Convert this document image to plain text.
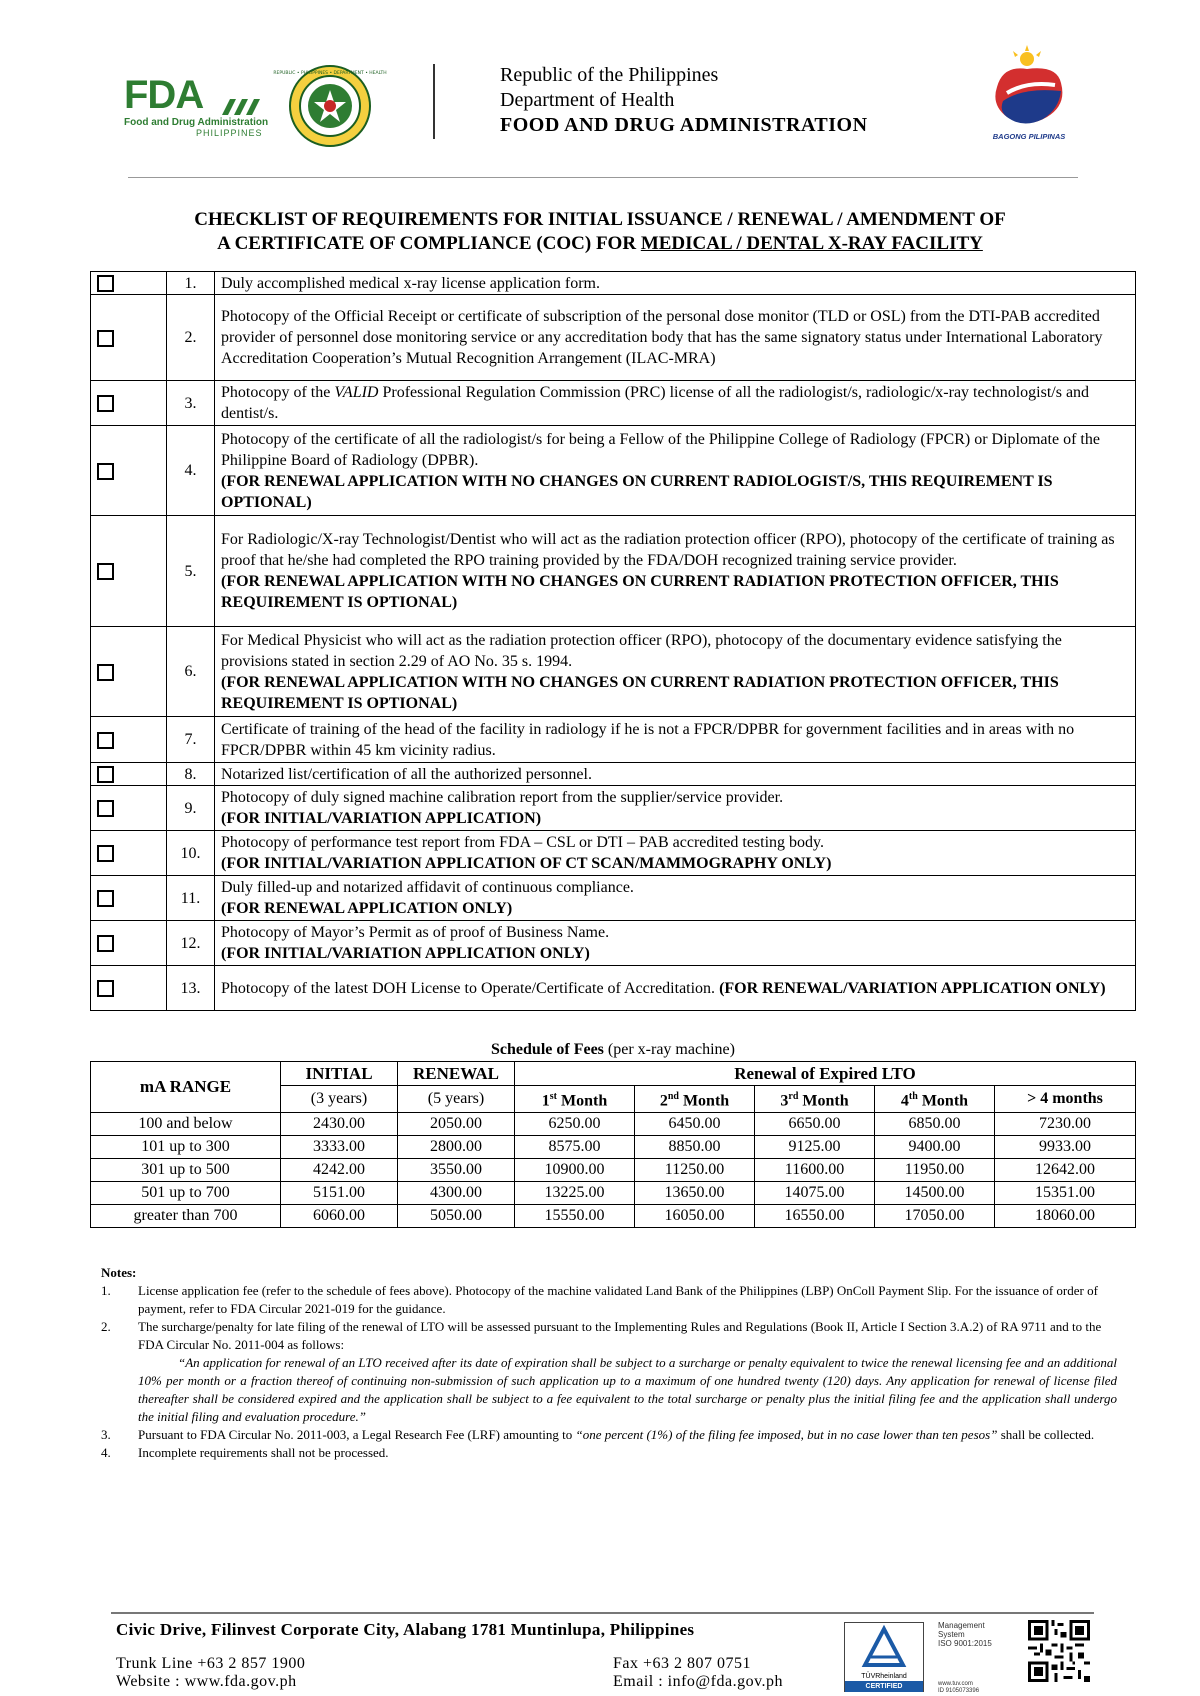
FDA
Food and Drug Administration
PHILIPPINES
REPUBLIC • PHILIPPINES • DEPARTMENT • HEALTH	Republic of the Philippines
Department of Health
FOOD AND DRUG ADMINISTRATION
BAGONG PILIPINAS
CHECKLIST OF REQUIREMENTS FOR INITIAL ISSUANCE / RENEWAL / AMENDMENT OF
A CERTIFICATE OF COMPLIANCE (COC) FOR MEDICAL / DENTAL X-RAY FACILITY
	1.	Duly accomplished medical x-ray license application form.
	2.	Photocopy of the Official Receipt or certificate of subscription of the personal dose monitor (TLD or OSL) from the DTI-PAB accredited provider of personnel dose monitoring service or any accreditation body that has the same signatory status under International Laboratory Accreditation Cooperation’s Mutual Recognition Arrangement (ILAC-MRA)
	3.	Photocopy of the VALID Professional Regulation Commission (PRC) license of all the radiologist/s, radiologic/x-ray technologist/s and dentist/s.
	4.	Photocopy of the certificate of all the radiologist/s for being a Fellow of the Philippine College of Radiology (FPCR) or Diplomate of the Philippine Board of Radiology (DPBR).
(FOR RENEWAL APPLICATION WITH NO CHANGES ON CURRENT RADIOLOGIST/S, THIS REQUIREMENT IS OPTIONAL)

	5.	For Radiologic/X-ray Technologist/Dentist who will act as the radiation protection officer (RPO), photocopy of the certificate of training as proof that he/she had completed the RPO training provided by the FDA/DOH recognized training service provider.
(FOR RENEWAL APPLICATION WITH NO CHANGES ON CURRENT RADIATION PROTECTION OFFICER, THIS REQUIREMENT IS OPTIONAL)

	6.	For Medical Physicist who will act as the radiation protection officer (RPO), photocopy of the documentary evidence satisfying the provisions stated in section 2.29 of AO No. 35 s. 1994.
(FOR RENEWAL APPLICATION WITH NO CHANGES ON CURRENT RADIATION PROTECTION OFFICER, THIS REQUIREMENT IS OPTIONAL)

	7.	Certificate of training of the head of the facility in radiology if he is not a FPCR/DPBR for government facilities and in areas with no FPCR/DPBR within 45 km vicinity radius.
	8.	Notarized list/certification of all the authorized personnel.
	9.	Photocopy of duly signed machine calibration report from the supplier/service provider.
(FOR INITIAL/VARIATION APPLICATION)

	10.	Photocopy of performance test report from FDA – CSL or DTI – PAB accredited testing body.
(FOR INITIAL/VARIATION APPLICATION OF CT SCAN/MAMMOGRAPHY ONLY)

	11.	Duly filled-up and notarized affidavit of continuous compliance.
(FOR RENEWAL APPLICATION ONLY)

	12.	Photocopy of Mayor’s Permit as of proof of Business Name.
(FOR INITIAL/VARIATION APPLICATION ONLY)

	13.	Photocopy of the latest DOH License to Operate/Certificate of Accreditation. (FOR RENEWAL/VARIATION APPLICATION ONLY)
Schedule of Fees (per x-ray machine)
mA RANGE	INITIAL	RENEWAL	Renewal of Expired LTO				
	(3 years)	(5 years)	1st Month	2nd Month	3rd Month	4th Month	> 4 months
100 and below	2430.00	2050.00	6250.00	6450.00	6650.00	6850.00	7230.00
101 up to 300	3333.00	2800.00	8575.00	8850.00	9125.00	9400.00	9933.00
301 up to 500	4242.00	3550.00	10900.00	11250.00	11600.00	11950.00	12642.00
501 up to 700	5151.00	4300.00	13225.00	13650.00	14075.00	14500.00	15351.00
greater than 700	6060.00	5050.00	15550.00	16050.00	16550.00	17050.00	18060.00
Notes:
1. License application fee (refer to the schedule of fees above). Photocopy of the machine validated Land Bank of the Philippines (LBP) OnColl Payment Slip. For the issuance of order of payment, refer to FDA Circular 2021-019 for the guidance.
2. The surcharge/penalty for late filing of the renewal of LTO will be assessed pursuant to the Implementing Rules and Regulations (Book II, Article I Section 3.A.2) of RA 9711 and to the FDA Circular No. 2011-004 as follows:
“An application for renewal of an LTO received after its date of expiration shall be subject to a surcharge or penalty equivalent to twice the renewal licensing fee and an additional 10% per month or a fraction thereof of continuing non-submission of such application up to a maximum of one hundred twenty (120) days. Any application for renewal of license filed thereafter shall be considered expired and the application shall be subject to a fee equivalent to the total surcharge or penalty plus the initial filing fee and the application shall undergo the initial filing and evaluation procedure.”
3. Pursuant to FDA Circular No. 2011-003, a Legal Research Fee (LRF) amounting to “one percent (1%) of the filing fee imposed, but in no case lower than ten pesos” shall be collected.
4. Incomplete requirements shall not be processed.
Civic Drive, Filinvest Corporate City, Alabang 1781 Muntinlupa, Philippines
Trunk Line +63 2 857 1900
Website : www.fda.gov.ph
Fax +63 2 807 0751
Email : info@fda.gov.ph	TÜVRheinland
CERTIFIED
Management
System
ISO 9001:2015
www.tuv.com
ID 9105073396
